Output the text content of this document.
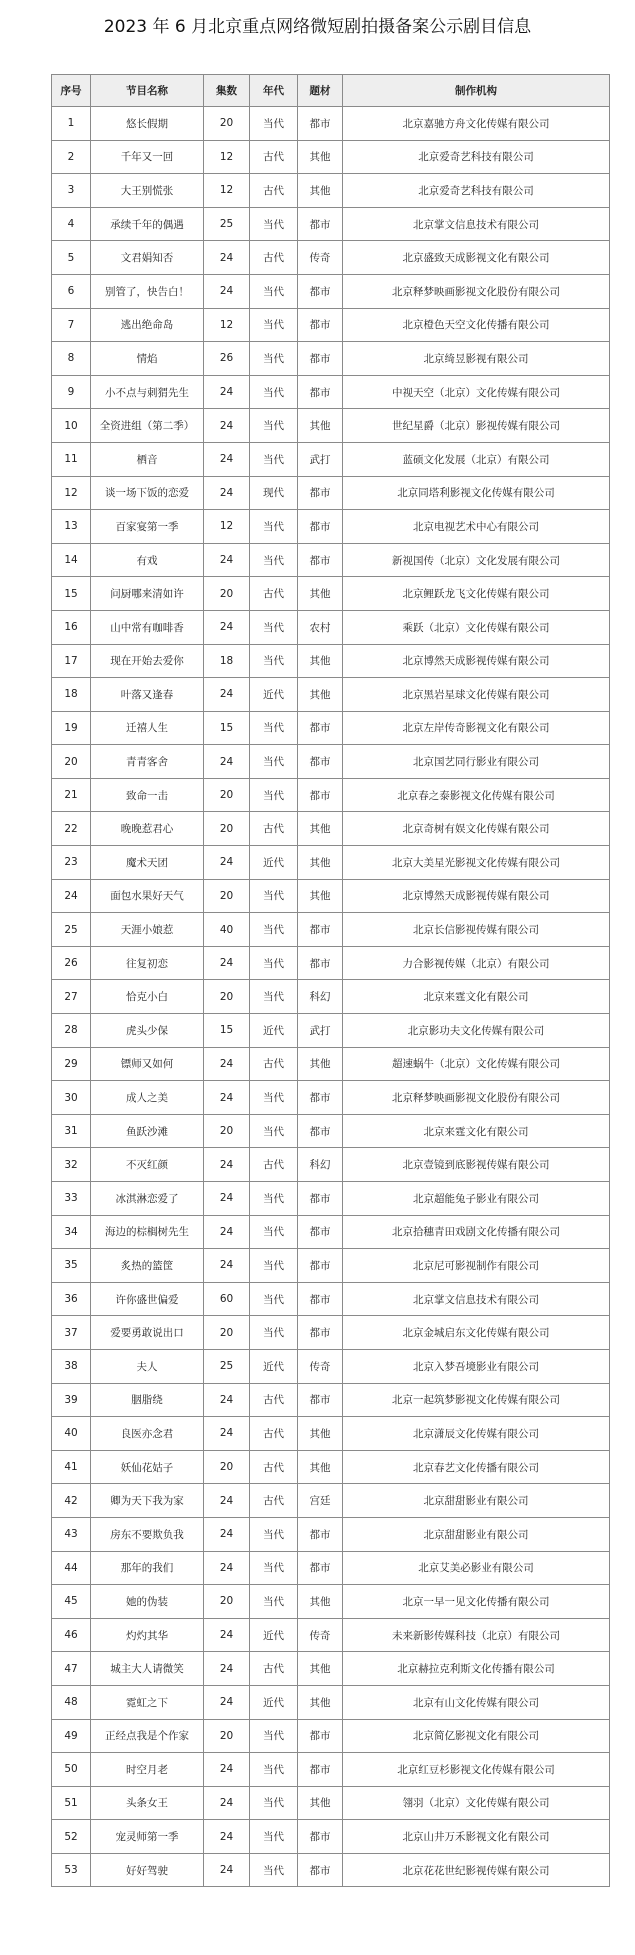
2023 年 6 月北京重点网络微短剧拍摄备案公示剧目信息
序号	节目名称	集数	年代	题材	制作机构
1	悠长假期	20	当代	都市	北京嘉驰方舟文化传媒有限公司
2	千年又一回	12	古代	其他	北京爱奇艺科技有限公司
3	大王别慌张	12	古代	其他	北京爱奇艺科技有限公司
4	承续千年的偶遇	25	当代	都市	北京掌文信息技术有限公司
5	文君娟知否	24	古代	传奇	北京盛致天成影视文化有限公司
6	别管了，快告白！	24	当代	都市	北京释梦映画影视文化股份有限公司
7	逃出绝命岛	12	当代	都市	北京橙色天空文化传播有限公司
8	情焰	26	当代	都市	北京绮昱影视有限公司
9	小不点与刺猬先生	24	当代	都市	中视天空（北京）文化传媒有限公司
10	全资进组（第二季）	24	当代	其他	世纪星爵（北京）影视传媒有限公司
11	栖音	24	当代	武打	蓝硕文化发展（北京）有限公司
12	谈一场下饭的恋爱	24	现代	都市	北京同塔利影视文化传媒有限公司
13	百家宴第一季	12	当代	都市	北京电视艺术中心有限公司
14	有戏	24	当代	都市	新视国传（北京）文化发展有限公司
15	问厨哪来清如许	20	古代	其他	北京鲤跃龙飞文化传媒有限公司
16	山中常有咖啡香	24	当代	农村	乘跃（北京）文化传媒有限公司
17	现在开始去爱你	18	当代	其他	北京博然天成影视传媒有限公司
18	叶落又逢春	24	近代	其他	北京黑岩星球文化传媒有限公司
19	迁禧人生	15	当代	都市	北京左岸传奇影视文化有限公司
20	青青客舍	24	当代	都市	北京国艺同行影业有限公司
21	致命一击	20	当代	都市	北京春之泰影视文化传媒有限公司
22	晚晚惹君心	20	古代	其他	北京奇树有娱文化传媒有限公司
23	魔术天团	24	近代	其他	北京大美星光影视文化传媒有限公司
24	面包水果好天气	20	当代	其他	北京博然天成影视传媒有限公司
25	天涯小娘惹	40	当代	都市	北京长信影视传媒有限公司
26	往复初恋	24	当代	都市	力合影视传媒（北京）有限公司
27	恰克小白	20	当代	科幻	北京来霆文化有限公司
28	虎头少保	15	近代	武打	北京影功夫文化传媒有限公司
29	镖师又如何	24	古代	其他	超速蜗牛（北京）文化传媒有限公司
30	成人之美	24	当代	都市	北京释梦映画影视文化股份有限公司
31	鱼跃沙滩	20	当代	都市	北京来霆文化有限公司
32	不灭红颜	24	古代	科幻	北京壹镜到底影视传媒有限公司
33	冰淇淋恋爱了	24	当代	都市	北京超能兔子影业有限公司
34	海边的棕榈树先生	24	当代	都市	北京拾穗青田戏剧文化传播有限公司
35	炙热的篮筐	24	当代	都市	北京尼可影视制作有限公司
36	许你盛世偏爱	60	当代	都市	北京掌文信息技术有限公司
37	爱要勇敢说出口	20	当代	都市	北京金城启东文化传媒有限公司
38	夫人	25	近代	传奇	北京入梦吾境影业有限公司
39	胭脂绕	24	古代	都市	北京一起筑梦影视文化传媒有限公司
40	良医亦念君	24	古代	其他	北京潇辰文化传媒有限公司
41	妖仙花姑子	20	古代	其他	北京春艺文化传播有限公司
42	卿为天下我为家	24	古代	宫廷	北京甜甜影业有限公司
43	房东不要欺负我	24	当代	都市	北京甜甜影业有限公司
44	那年的我们	24	当代	都市	北京艾美必影业有限公司
45	她的伪装	20	当代	其他	北京一早一见文化传播有限公司
46	灼灼其华	24	近代	传奇	未来新影传媒科技（北京）有限公司
47	城主大人请微笑	24	古代	其他	北京赫拉克利斯文化传播有限公司
48	霓虹之下	24	近代	其他	北京有山文化传媒有限公司
49	正经点我是个作家	20	当代	都市	北京简亿影视文化有限公司
50	时空月老	24	当代	都市	北京红豆杉影视文化传媒有限公司
51	头条女王	24	当代	其他	翎羽（北京）文化传媒有限公司
52	宠灵师第一季	24	当代	都市	北京山井万禾影视文化有限公司
53	好好驾驶	24	当代	都市	北京花花世纪影视传媒有限公司
